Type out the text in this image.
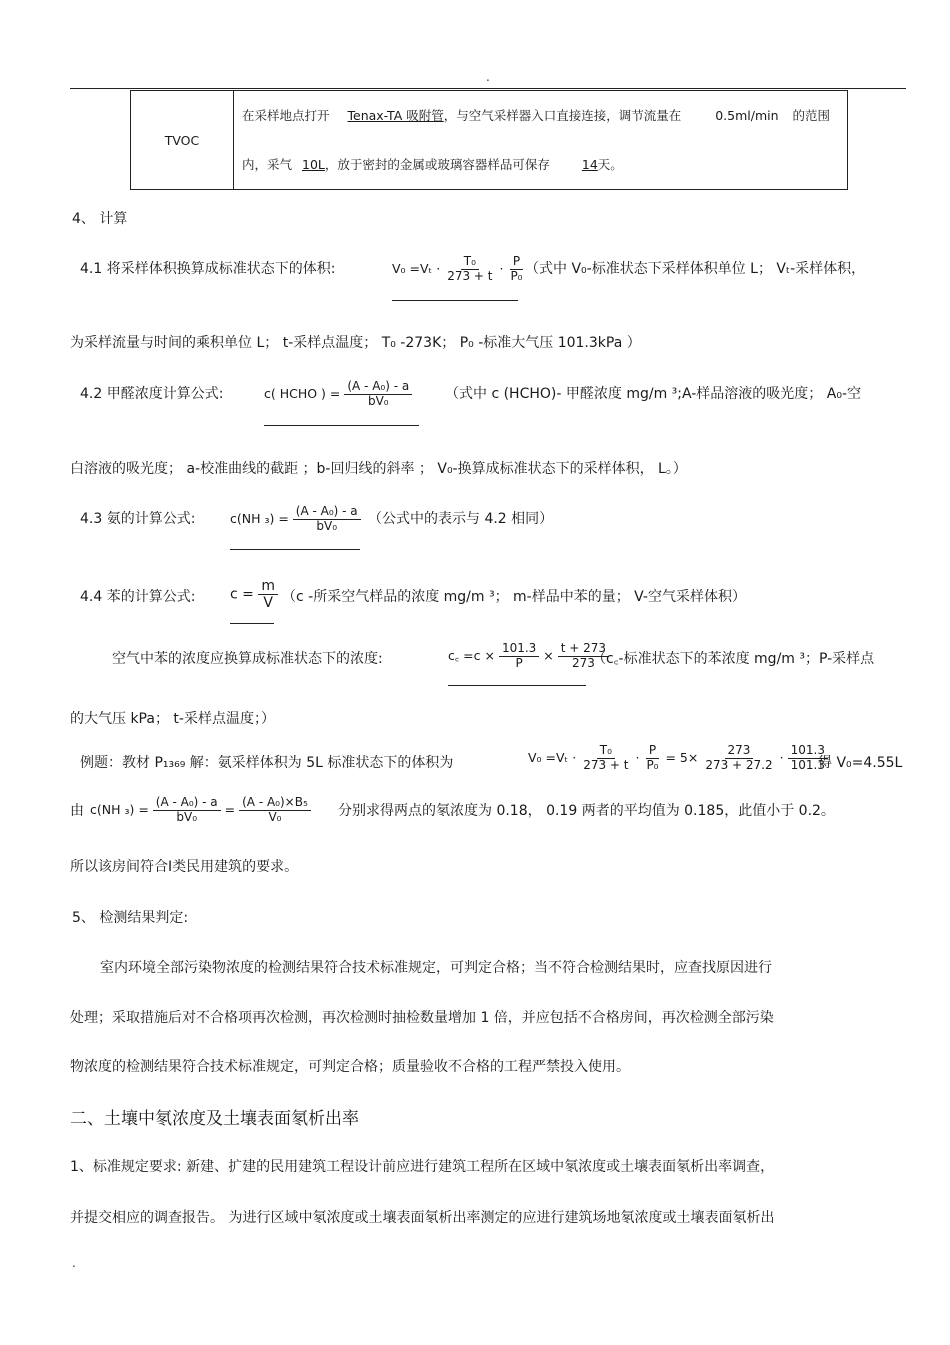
.
TVOC	
在采样地点打开 Tenax-TA 吸附管，与空气采样器入口直接连接，调节流量在	0.5ml/min 的范围
内，采气 10L，放于密封的金属或玻璃容器样品可保存	14天。
4、 计算
4.1 将采样体积换算成标准状态下的体积:	$V_0 =V_t \cdot \frac{\text{T₀}}{273 + t} \cdot \frac{P}{\text{P₀}}$ （式中 V₀-标准状态下采样体积单位 L； Vₜ-采样体积，
为采样流量与时间的乘积单位 L； t-采样点温度； T₀ -273K； P₀ -标准大气压 101.3kPa ）
4.2 甲醛浓度计算公式:	c( HCHO ) = $\frac{\text{(A - A₀) - a}}{\text{bV₀}}$ （式中 c (HCHO)- 甲醛浓度 mg/m ³;A-样品溶液的吸光度； A₀-空
白溶液的吸光度； a-校准曲线的截距 ；b-回归线的斜率 ； V₀-换算成标准状态下的采样体积， L。）
4.3 氨的计算公式:	c(NH $_3) = \frac{\text{(A - A₀) - a}}{\text{bV₀}}$ （公式中的表示与 4.2 相同）
4.4 苯的计算公式: $c = \frac{m}{V} (c$ -所采空气样品的浓度 mg/m ³； m-样品中苯的量； V-空气采样体积）
空气中苯的浓度应换算成标准状态下的浓度:	c꜀ $=c \times \frac{101.3}{P} \times \frac{t + 273}{273}$
（c꜀-标准状态下的苯浓度 mg/m ³；P-采样点
的大气压 kPa； t-采样点温度；）
例题：教材 P₁₃₆₉ 解：氨采样体积为 5L 标准状态下的体积为	$V_0 =V_t \cdot \frac{\text{T₀}}{273 + t} \cdot \frac{P}{\text{P₀}} = 5\times \frac{273}{273 + 27.2} \cdot \frac{101.3}{101.3}$
得 V₀=4.55L
由 c(NH $_3) = \frac{\text{(A - A₀) - a}}{\text{bV₀}} = \frac{\text{(A - A₀)×B₅}}{\text{V₀}}$ 分别求得两点的氡浓度为 0.18， 0.19 两者的平均值为 0.185，此值小于 0.2。
所以该房间符合Ⅰ类民用建筑的要求。
5、 检测结果判定:
室内环境全部污染物浓度的检测结果符合技术标准规定，可判定合格；当不符合检测结果时，应查找原因进行
处理；采取措施后对不合格项再次检测，再次检测时抽检数量增加 1 倍，并应包括不合格房间，再次检测全部污染
物浓度的检测结果符合技术标准规定，可判定合格；质量验收不合格的工程严禁投入使用。
二、土壤中氡浓度及土壤表面氡析出率
1、标准规定要求: 新建、扩建的民用建筑工程设计前应进行建筑工程所在区域中氡浓度或土壤表面氡析出率调查，
并提交相应的调查报告。 为进行区域中氡浓度或土壤表面氡析出率测定的应进行建筑场地氡浓度或土壤表面氡析出
.
